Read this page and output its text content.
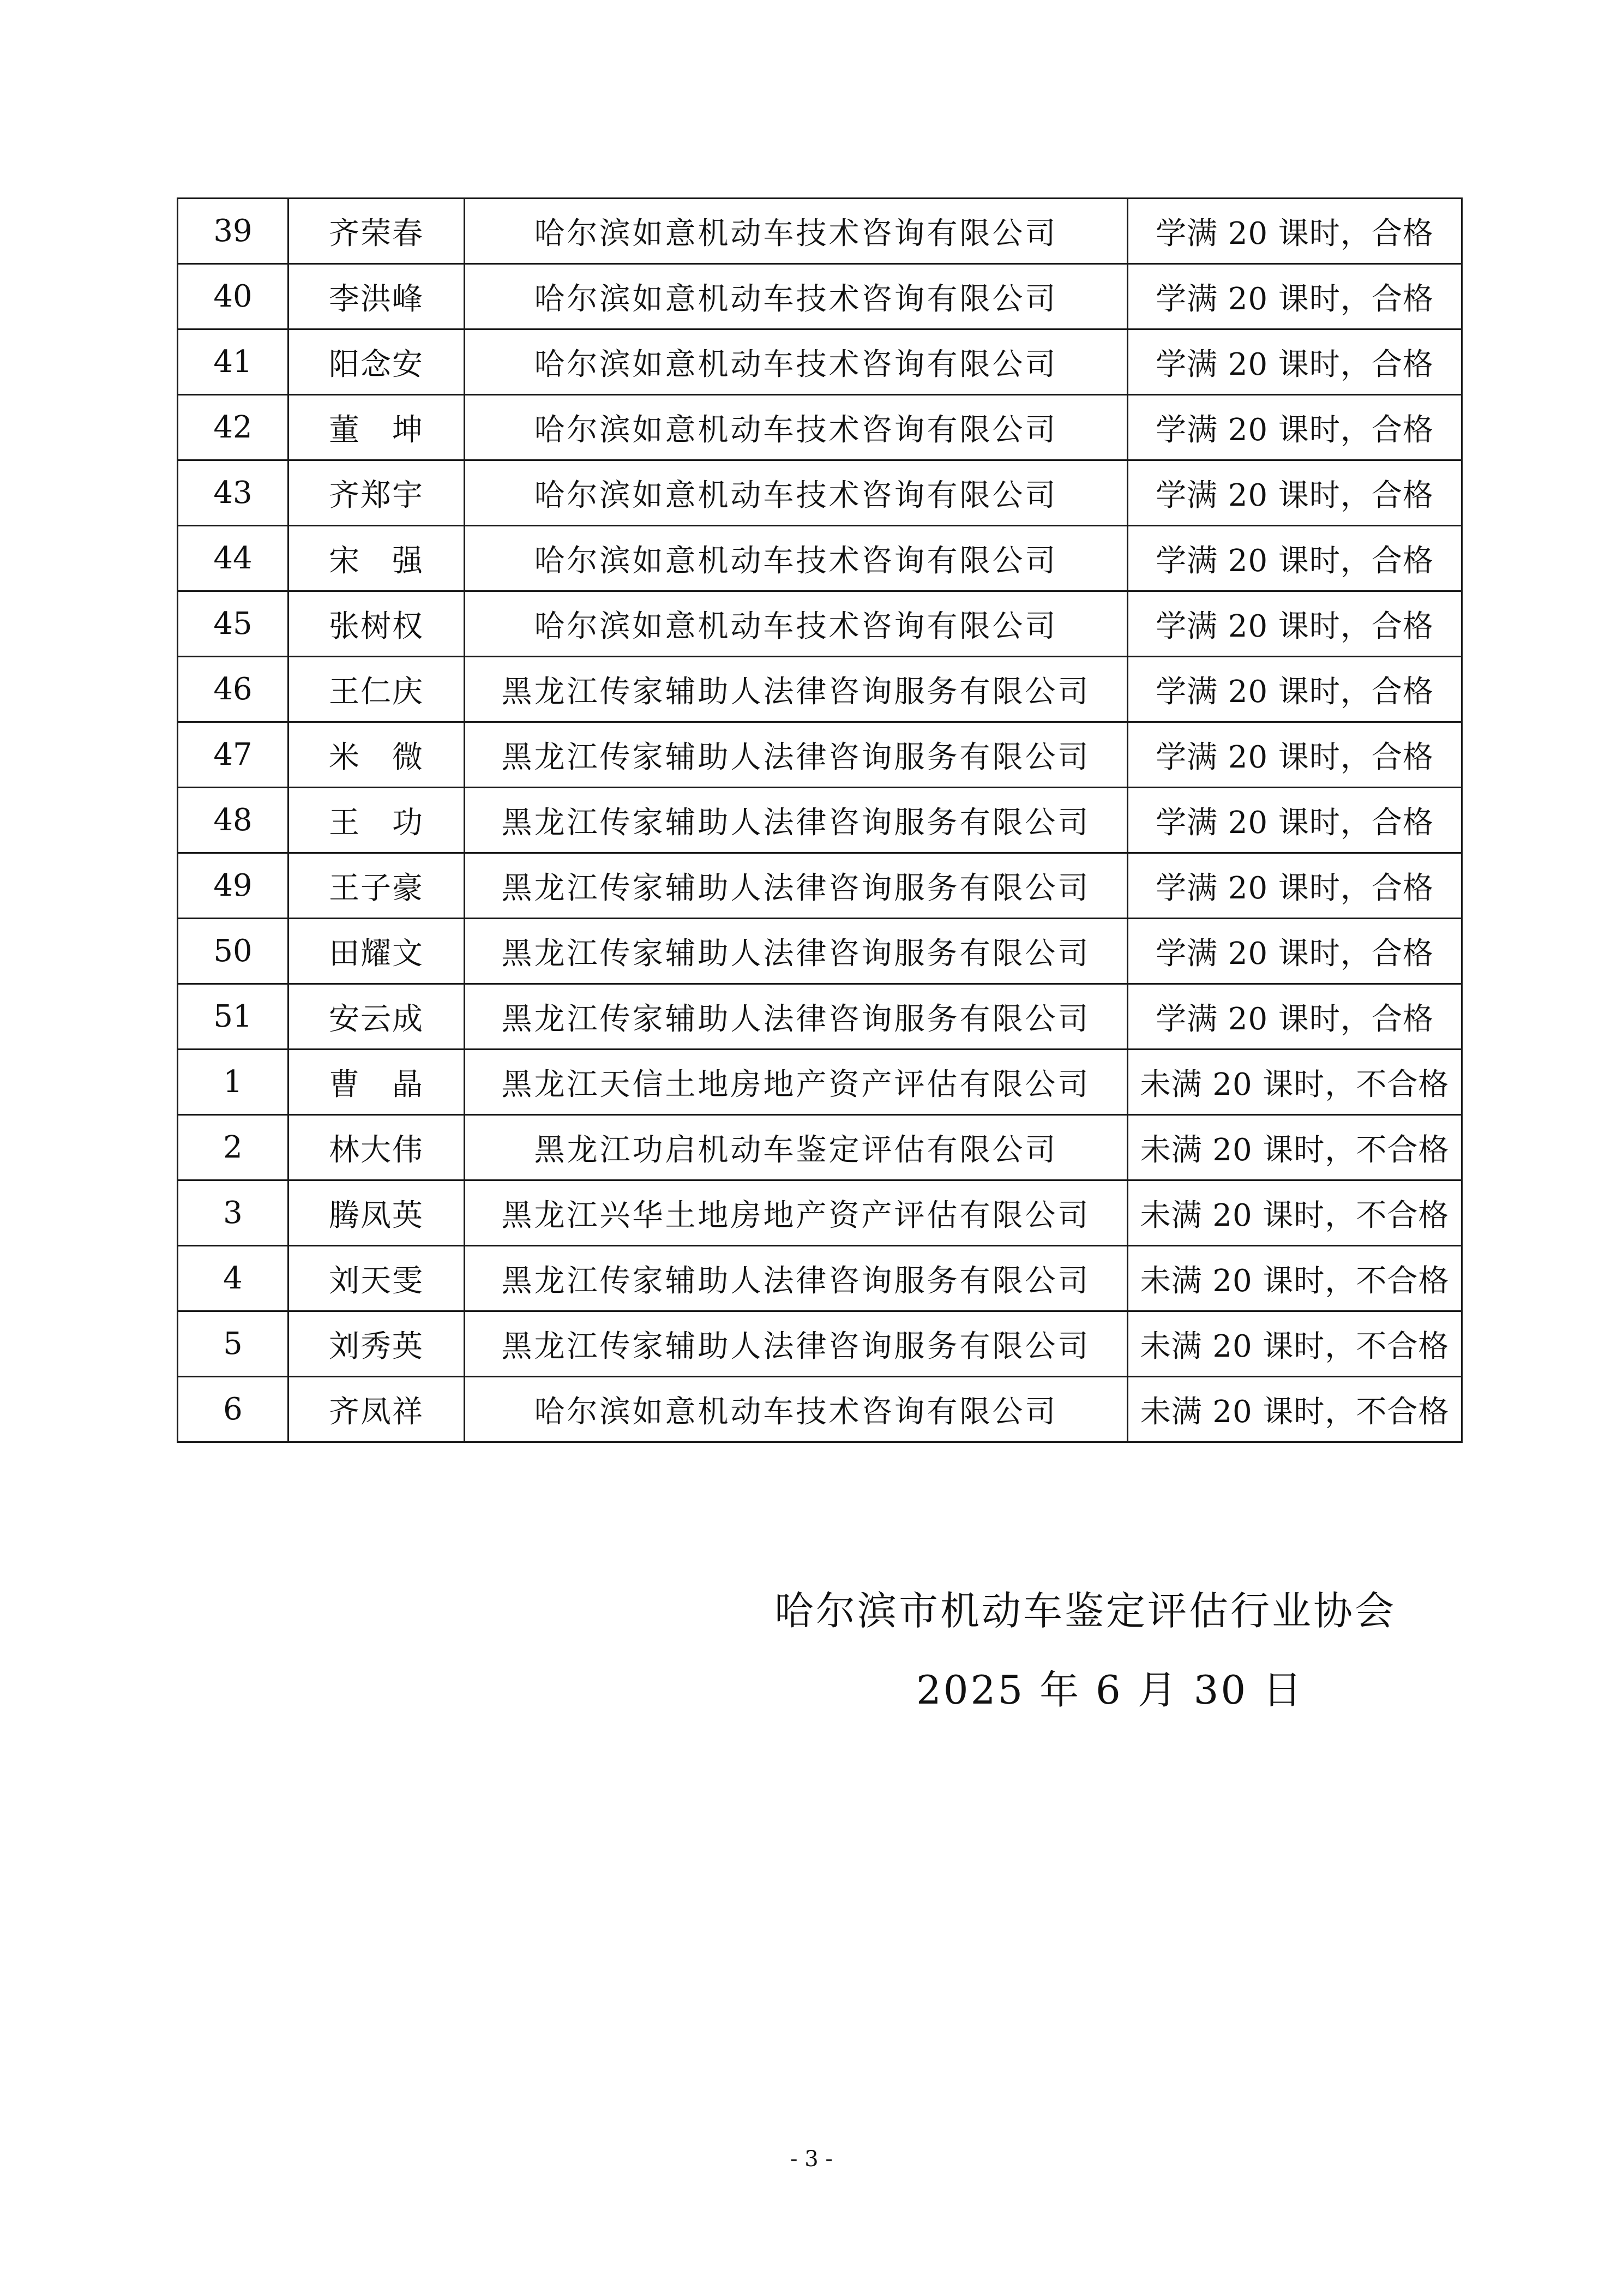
39	齐荣春	哈尔滨如意机动车技术咨询有限公司	学满 20 课时，合格
40	李洪峰	哈尔滨如意机动车技术咨询有限公司	学满 20 课时，合格
41	阳念安	哈尔滨如意机动车技术咨询有限公司	学满 20 课时，合格
42	董　坤	哈尔滨如意机动车技术咨询有限公司	学满 20 课时，合格
43	齐郑宇	哈尔滨如意机动车技术咨询有限公司	学满 20 课时，合格
44	宋　强	哈尔滨如意机动车技术咨询有限公司	学满 20 课时，合格
45	张树权	哈尔滨如意机动车技术咨询有限公司	学满 20 课时，合格
46	王仁庆	黑龙江传家辅助人法律咨询服务有限公司	学满 20 课时，合格
47	米　微	黑龙江传家辅助人法律咨询服务有限公司	学满 20 课时，合格
48	王　功	黑龙江传家辅助人法律咨询服务有限公司	学满 20 课时，合格
49	王子豪	黑龙江传家辅助人法律咨询服务有限公司	学满 20 课时，合格
50	田耀文	黑龙江传家辅助人法律咨询服务有限公司	学满 20 课时，合格
51	安云成	黑龙江传家辅助人法律咨询服务有限公司	学满 20 课时，合格
1	曹　晶	黑龙江天信土地房地产资产评估有限公司	未满 20 课时，不合格
2	林大伟	黑龙江功启机动车鉴定评估有限公司	未满 20 课时，不合格
3	腾凤英	黑龙江兴华土地房地产资产评估有限公司	未满 20 课时，不合格
4	刘天雯	黑龙江传家辅助人法律咨询服务有限公司	未满 20 课时，不合格
5	刘秀英	黑龙江传家辅助人法律咨询服务有限公司	未满 20 课时，不合格
6	齐凤祥	哈尔滨如意机动车技术咨询有限公司	未满 20 课时，不合格
哈尔滨市机动车鉴定评估行业协会
2025 年 6 月 30 日
- 3 -
